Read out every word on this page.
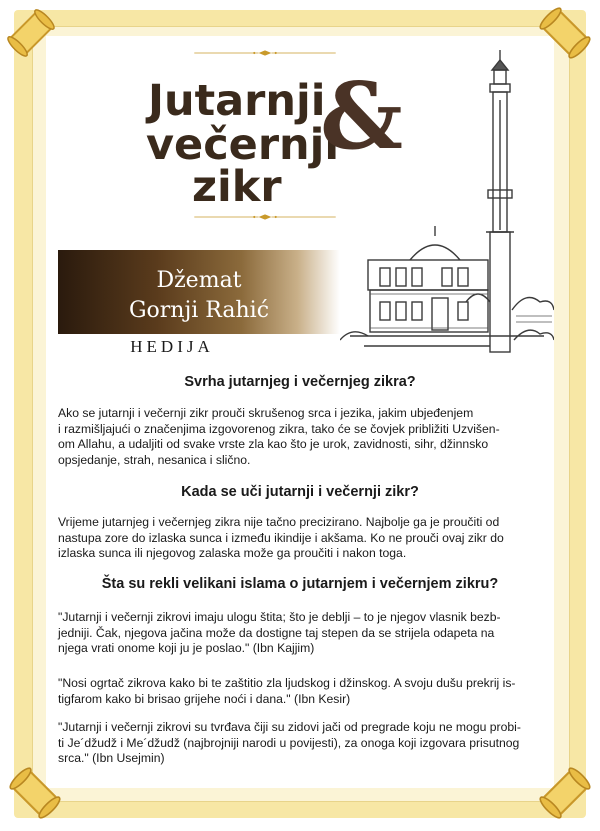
Jutarnji
večernji
zikr
&
Džemat
Gornji Rahić
HEDIJA
Svrha jutarnjeg i večernjeg zikra?

Ako se jutarnji i večernji zikr prouči skrušenog srca i jezika, jakim ubjeđenjem
i razmišljajući o značenjima izgovorenog zikra, tako će se čovjek približiti Uzvišen-
om Allahu, a udaljiti od svake vrste zla kao što je urok, zavidnosti, sihr, džinnsko
opsjedanje, strah, nesanica i slično.

Kada se uči jutarnji i večernji zikr?

Vrijeme jutarnjeg i večernjeg zikra nije tačno precizirano. Najbolje ga je proučiti od
nastupa zore do izlaska sunca i između ikindije i akšama. Ko ne prouči ovaj zikr do
izlaska sunca ili njegovog zalaska može ga proučiti i nakon toga.

Šta su rekli velikani islama o jutarnjem i večernjem zikru?

"Jutarnji i večernji zikrovi imaju ulogu štita; što je deblji – to je njegov vlasnik bezb-
jedniji. Čak, njegova jačina može da dostigne taj stepen da se strijela odapeta na
njega vrati onome koji ju je poslao." (Ibn Kajjim)

"Nosi ogrtač zikrova kako bi te zaštitio zla ljudskog i džinskog. A svoju dušu prekrij is-
tigfarom kako bi brisao grijehe noći i dana." (Ibn Kesir)

"Jutarnji i večernji zikrovi su tvrđava čiji su zidovi jači od pregrade koju ne mogu probi-
ti Je´džudž i Me´džudž (najbrojniji narodi u povijesti), za onoga koji izgovara prisutnog
srca." (Ibn Usejmin)
